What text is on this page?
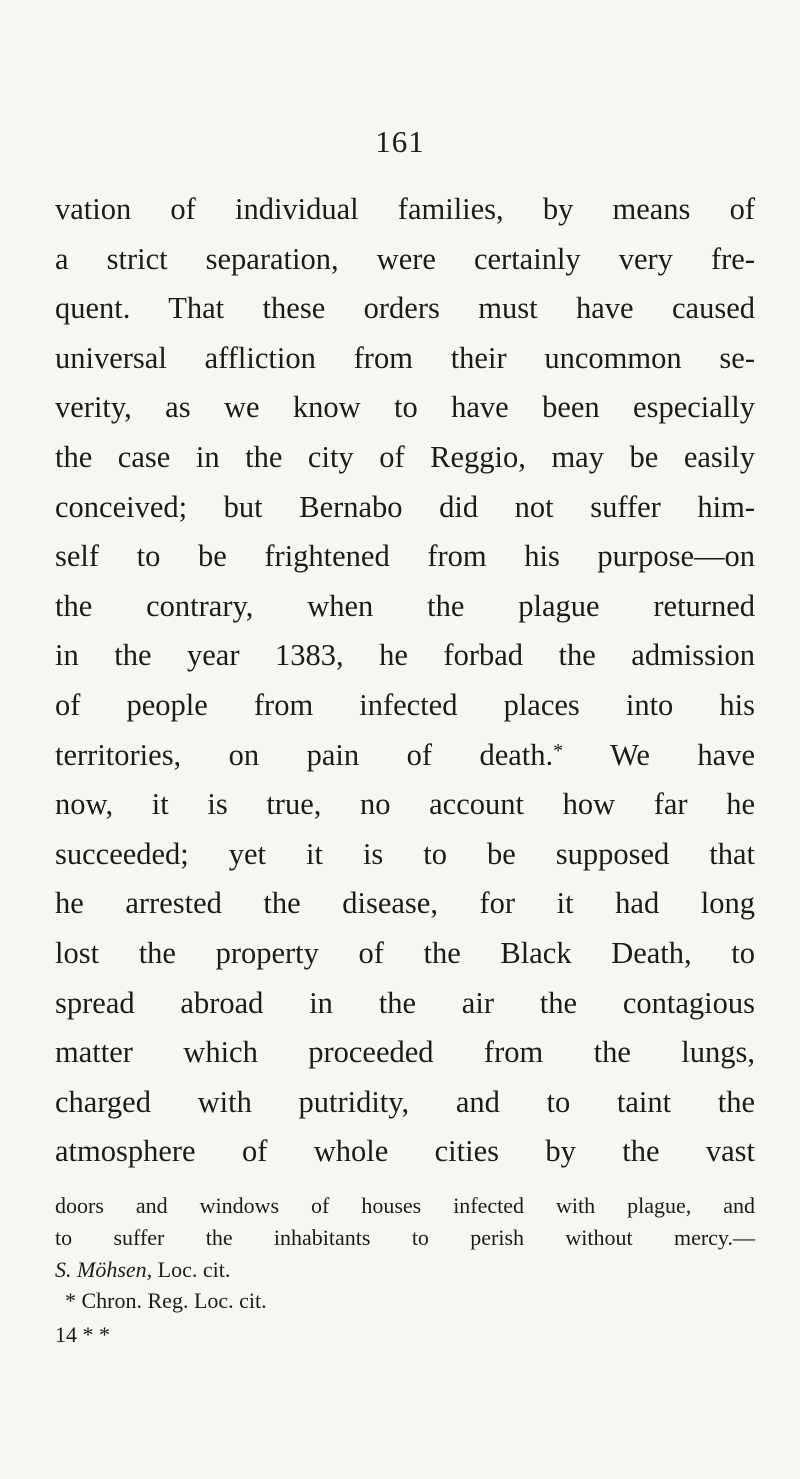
161
vation of individual families, by means of
a strict separation, were certainly very fre-
quent. That these orders must have caused
universal affliction from their uncommon se-
verity, as we know to have been especially
the case in the city of Reggio, may be easily
conceived; but Bernabo did not suffer him-
self to be frightened from his purpose—on
the contrary, when the plague returned
in the year 1383, he forbad the admission
of people from infected places into his
territories, on pain of death.* We have
now, it is true, no account how far he
succeeded; yet it is to be supposed that
he arrested the disease, for it had long
lost the property of the Black Death, to
spread abroad in the air the contagious
matter which proceeded from the lungs,
charged with putridity, and to taint the
atmosphere of whole cities by the vast
doors and windows of houses infected with plague, and
to suffer the inhabitants to perish without mercy.—
S. Möhsen, Loc. cit.
* Chron. Reg. Loc. cit.
14 * *
